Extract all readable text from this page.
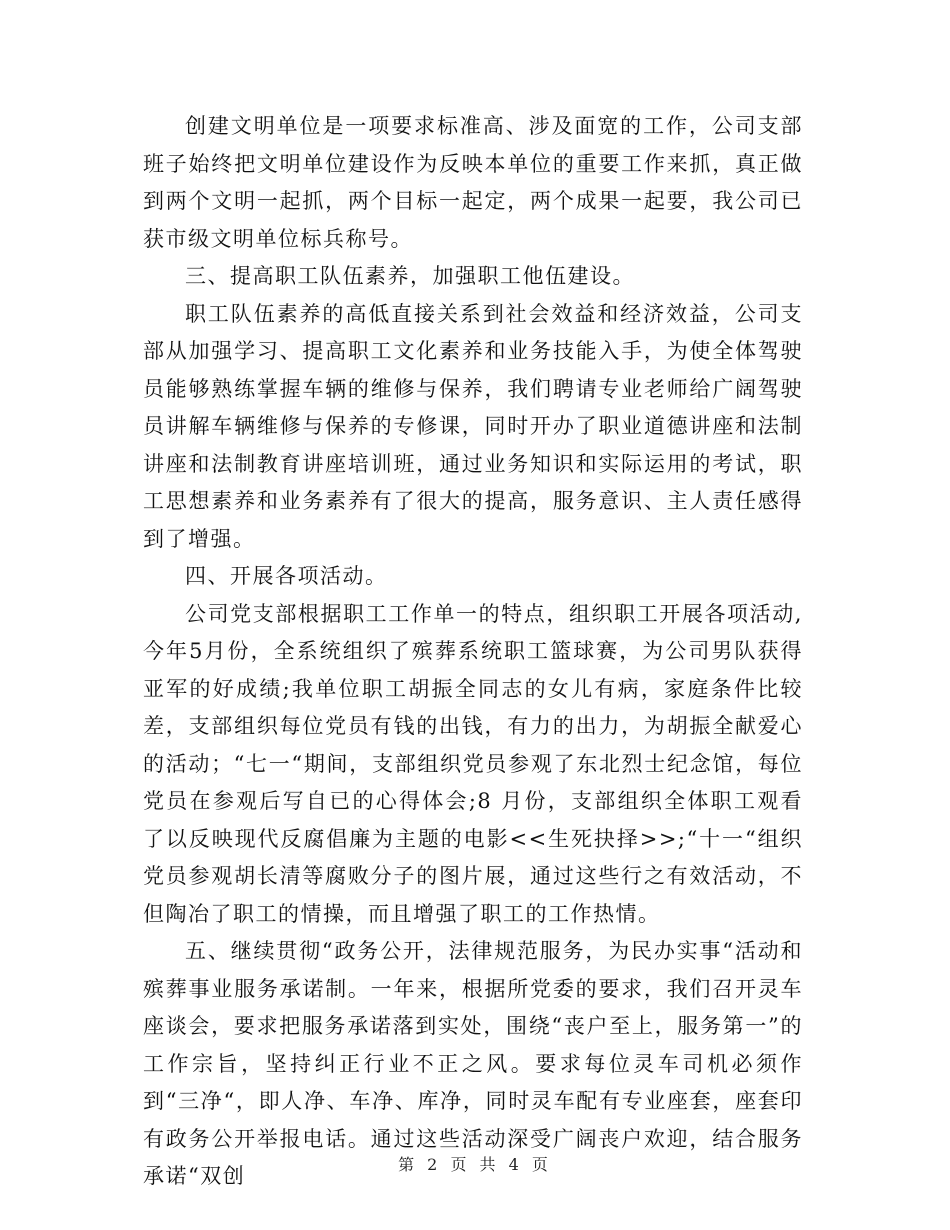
创建文明单位是一项要求标准高、涉及面宽的工作，公司支部班子始终把文明单位建设作为反映本单位的重要工作来抓，真正做到两个文明一起抓，两个目标一起定，两个成果一起要，我公司已获市级文明单位标兵称号。

三、提高职工队伍素养，加强职工他伍建设。

职工队伍素养的高低直接关系到社会效益和经济效益，公司支部从加强学习、提高职工文化素养和业务技能入手，为使全体驾驶员能够熟练掌握车辆的维修与保养，我们聘请专业老师给广阔驾驶员讲解车辆维修与保养的专修课，同时开办了职业道德讲座和法制讲座和法制教育讲座培训班，通过业务知识和实际运用的考试，职工思想素养和业务素养有了很大的提高，服务意识、主人责任感得到了增强。

四、开展各项活动。

公司党支部根据职工工作单一的特点，组织职工开展各项活动,今年5月份，全系统组织了殡葬系统职工篮球赛，为公司男队获得亚军的好成绩;我单位职工胡振全同志的女儿有病，家庭条件比较差，支部组织每位党员有钱的出钱，有力的出力，为胡振全献爱心的活动；“七一“期间，支部组织党员参观了东北烈士纪念馆，每位党员在参观后写自已的心得体会;8 月份，支部组织全体职工观看了以反映现代反腐倡廉为主题的电影<<生死抉择>>;“十一“组织党员参观胡长清等腐败分子的图片展，通过这些行之有效活动，不但陶冶了职工的情操，而且增强了职工的工作热情。

五、继续贯彻“政务公开，法律规范服务，为民办实事“活动和殡葬事业服务承诺制。一年来，根据所党委的要求，我们召开灵车座谈会，要求把服务承诺落到实处，围绕“丧户至上，服务第一”的工作宗旨，坚持纠正行业不正之风。要求每位灵车司机必须作到“三净“，即人净、车净、库净，同时灵车配有专业座套，座套印有政务公开举报电话。通过这些活动深受广阔丧户欢迎，结合服务承诺“双创	第 2 页 共 4 页
